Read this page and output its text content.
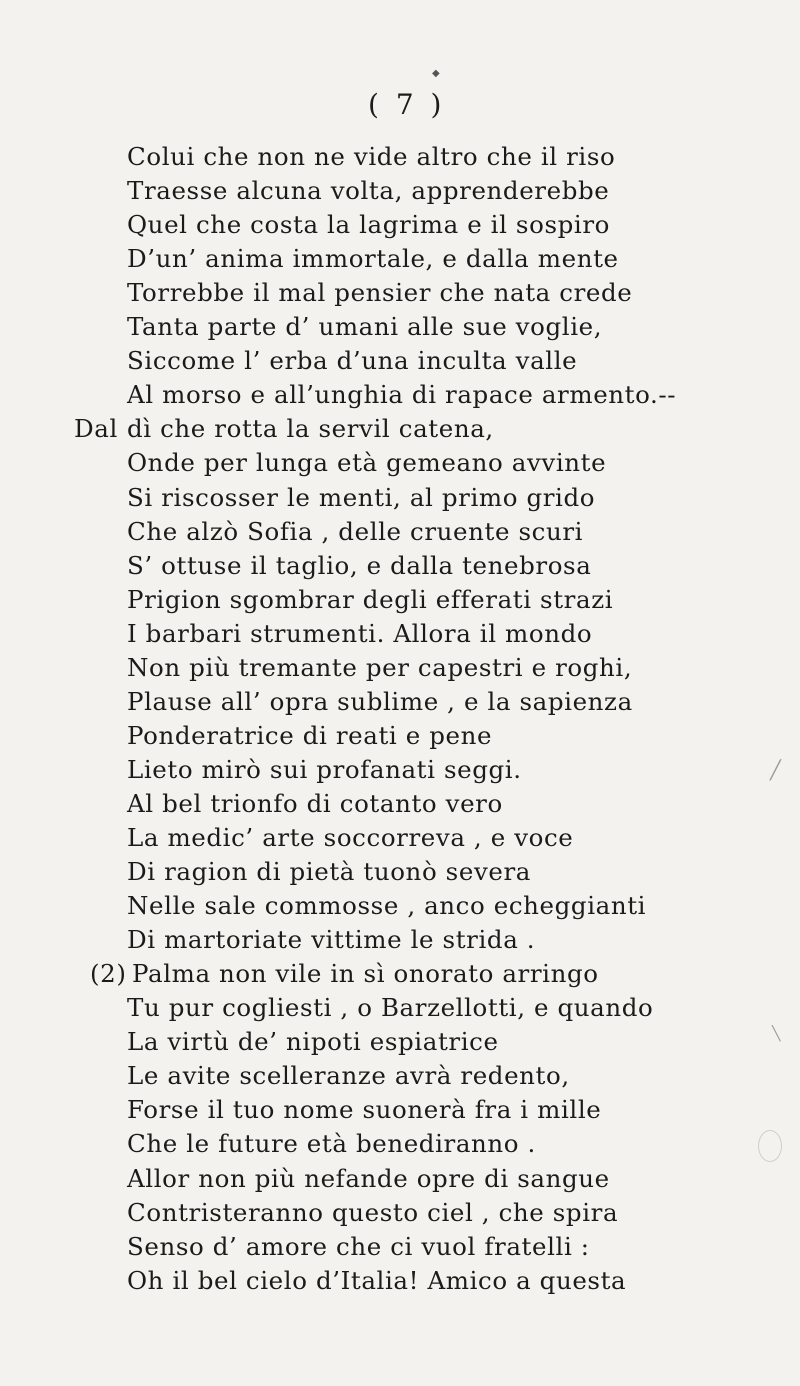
◆
( 7 )
Colui che non ne vide altro che il riso
Traesse alcuna volta, apprenderebbe
Quel che costa la lagrima e il sospiro
D’un’ anima immortale, e dalla mente
Torrebbe il mal pensier che nata crede
Tanta parte d’ umani alle sue voglie,
Siccome l’ erba d’una inculta valle
Al morso e all’unghia di rapace armento.--
Dal dì che rotta la servil catena,
Onde per lunga età gemeano avvinte
Si riscosser le menti, al primo grido
Che alzò Sofia , delle cruente scuri
S’ ottuse il taglio, e dalla tenebrosa
Prigion sgombrar degli efferati strazi
I barbari strumenti. Allora il mondo
Non più tremante per capestri e roghi,
Plause all’ opra sublime , e la sapienza
Ponderatrice di reati e pene
Lieto mirò sui profanati seggi.
Al bel trionfo di cotanto vero
La medic’ arte soccorreva , e voce
Di ragion di pietà tuonò severa
Nelle sale commosse , anco echeggianti
Di martoriate vittime le strida .
(2) Palma non vile in sì onorato arringo
Tu pur cogliesti , o Barzellotti, e quando
La virtù de’ nipoti espiatrice
Le avite scelleranze avrà redento,
Forse il tuo nome suonerà fra i mille
Che le future età benediranno .
Allor non più nefande opre di sangue
Contristeranno questo ciel , che spira
Senso d’ amore che ci vuol fratelli :
Oh il bel cielo d’Italia! Amico a questa
╱
╲
